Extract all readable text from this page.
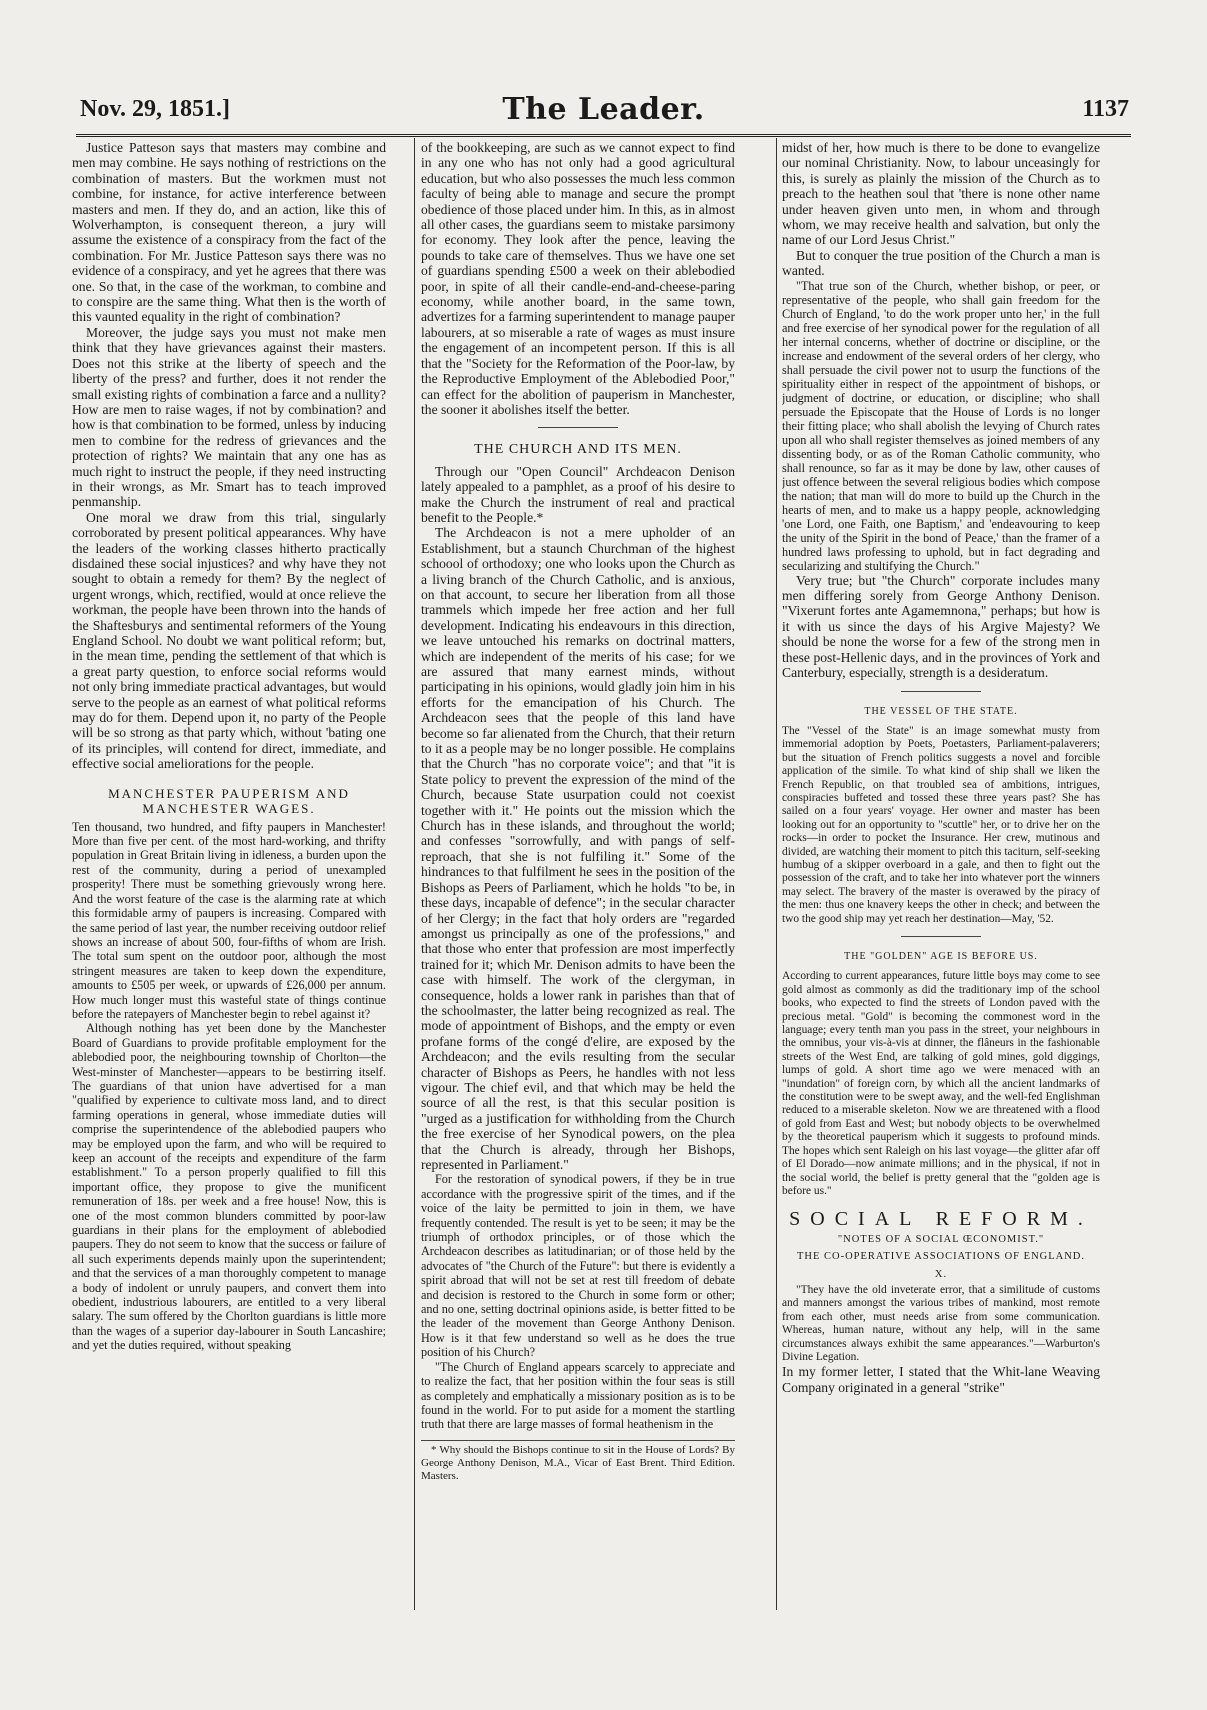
Nov. 29, 1851.]	The Leader.	1137

Justice Patteson says that masters may combine and men may combine. He says nothing of restrictions on the combination of masters. But the workmen must not combine, for instance, for active interference between masters and men. If they do, and an action, like this of Wolverhampton, is consequent thereon, a jury will assume the existence of a conspiracy from the fact of the combination. For Mr. Justice Patteson says there was no evidence of a conspiracy, and yet he agrees that there was one. So that, in the case of the workman, to combine and to conspire are the same thing. What then is the worth of this vaunted equality in the right of combination?

Moreover, the judge says you must not make men think that they have grievances against their masters. Does not this strike at the liberty of speech and the liberty of the press? and further, does it not render the small existing rights of combination a farce and a nullity? How are men to raise wages, if not by combination? and how is that combination to be formed, unless by inducing men to combine for the redress of grievances and the protection of rights? We maintain that any one has as much right to instruct the people, if they need instructing in their wrongs, as Mr. Smart has to teach improved penmanship.

One moral we draw from this trial, singularly corroborated by present political appearances. Why have the leaders of the working classes hitherto practically disdained these social injustices? and why have they not sought to obtain a remedy for them? By the neglect of urgent wrongs, which, rectified, would at once relieve the workman, the people have been thrown into the hands of the Shaftesburys and sentimental reformers of the Young England School. No doubt we want political reform; but, in the mean time, pending the settlement of that which is a great party question, to enforce social reforms would not only bring immediate practical advantages, but would serve to the people as an earnest of what political reforms may do for them. Depend upon it, no party of the People will be so strong as that party which, without 'bating one of its principles, will contend for direct, immediate, and effective social ameliorations for the people.

MANCHESTER PAUPERISM AND MANCHESTER WAGES.

Ten thousand, two hundred, and fifty paupers in Manchester! More than five per cent. of the most hard-working, and thrifty population in Great Britain living in idleness, a burden upon the rest of the community, during a period of unexampled prosperity! There must be something grievously wrong here. And the worst feature of the case is the alarming rate at which this formidable army of paupers is increasing. Compared with the same period of last year, the number receiving outdoor relief shows an increase of about 500, four-fifths of whom are Irish. The total sum spent on the outdoor poor, although the most stringent measures are taken to keep down the expenditure, amounts to £505 per week, or upwards of £26,000 per annum. How much longer must this wasteful state of things continue before the ratepayers of Manchester begin to rebel against it?

Although nothing has yet been done by the Manchester Board of Guardians to provide profitable employment for the ablebodied poor, the neighbouring township of Chorlton—the West-minster of Manchester—appears to be bestirring itself. The guardians of that union have advertised for a man "qualified by experience to cultivate moss land, and to direct farming operations in general, whose immediate duties will comprise the superintendence of the ablebodied paupers who may be employed upon the farm, and who will be required to keep an account of the receipts and expenditure of the farm establishment." To a person properly qualified to fill this important office, they propose to give the munificent remuneration of 18s. per week and a free house! Now, this is one of the most common blunders committed by poor-law guardians in their plans for the employment of ablebodied paupers. They do not seem to know that the success or failure of all such experiments depends mainly upon the superintendent; and that the services of a man thoroughly competent to manage a body of indolent or unruly paupers, and convert them into obedient, industrious labourers, are entitled to a very liberal salary. The sum offered by the Chorlton guardians is little more than the wages of a superior day-labourer in South Lancashire; and yet the duties required, without speaking

of the bookkeeping, are such as we cannot expect to find in any one who has not only had a good agricultural education, but who also possesses the much less common faculty of being able to manage and secure the prompt obedience of those placed under him. In this, as in almost all other cases, the guardians seem to mistake parsimony for economy. They look after the pence, leaving the pounds to take care of themselves. Thus we have one set of guardians spending £500 a week on their ablebodied poor, in spite of all their candle-end-and-cheese-paring economy, while another board, in the same town, advertizes for a farming superintendent to manage pauper labourers, at so miserable a rate of wages as must insure the engagement of an incompetent person. If this is all that the "Society for the Reformation of the Poor-law, by the Reproductive Employment of the Ablebodied Poor," can effect for the abolition of pauperism in Manchester, the sooner it abolishes itself the better.

THE CHURCH AND ITS MEN.

Through our "Open Council" Archdeacon Denison lately appealed to a pamphlet, as a proof of his desire to make the Church the instrument of real and practical benefit to the People.*

The Archdeacon is not a mere upholder of an Establishment, but a staunch Churchman of the highest schoool of orthodoxy; one who looks upon the Church as a living branch of the Church Catholic, and is anxious, on that account, to secure her liberation from all those trammels which impede her free action and her full development. Indicating his endeavours in this direction, we leave untouched his remarks on doctrinal matters, which are independent of the merits of his case; for we are assured that many earnest minds, without participating in his opinions, would gladly join him in his efforts for the emancipation of his Church. The Archdeacon sees that the people of this land have become so far alienated from the Church, that their return to it as a people may be no longer possible. He complains that the Church "has no corporate voice"; and that "it is State policy to prevent the expression of the mind of the Church, because State usurpation could not coexist together with it." He points out the mission which the Church has in these islands, and throughout the world; and confesses "sorrowfully, and with pangs of self-reproach, that she is not fulfiling it." Some of the hindrances to that fulfilment he sees in the position of the Bishops as Peers of Parliament, which he holds "to be, in these days, incapable of defence"; in the secular character of her Clergy; in the fact that holy orders are "regarded amongst us principally as one of the professions," and that those who enter that profession are most imperfectly trained for it; which Mr. Denison admits to have been the case with himself. The work of the clergyman, in consequence, holds a lower rank in parishes than that of the schoolmaster, the latter being recognized as real. The mode of appointment of Bishops, and the empty or even profane forms of the congé d'elire, are exposed by the Archdeacon; and the evils resulting from the secular character of Bishops as Peers, he handles with not less vigour. The chief evil, and that which may be held the source of all the rest, is that this secular position is "urged as a justification for withholding from the Church the free exercise of her Synodical powers, on the plea that the Church is already, through her Bishops, represented in Parliament."

For the restoration of synodical powers, if they be in true accordance with the progressive spirit of the times, and if the voice of the laity be permitted to join in them, we have frequently contended. The result is yet to be seen; it may be the triumph of orthodox principles, or of those which the Archdeacon describes as latitudinarian; or of those held by the advocates of "the Church of the Future": but there is evidently a spirit abroad that will not be set at rest till freedom of debate and decision is restored to the Church in some form or other; and no one, setting doctrinal opinions aside, is better fitted to be the leader of the movement than George Anthony Denison. How is it that few understand so well as he does the true position of his Church?

"The Church of England appears scarcely to appreciate and to realize the fact, that her position within the four seas is still as completely and emphatically a missionary position as is to be found in the world. For to put aside for a moment the startling truth that there are large masses of formal heathenism in the

* Why should the Bishops continue to sit in the House of Lords? By George Anthony Denison, M.A., Vicar of East Brent. Third Edition. Masters.

midst of her, how much is there to be done to evangelize our nominal Christianity. Now, to labour unceasingly for this, is surely as plainly the mission of the Church as to preach to the heathen soul that 'there is none other name under heaven given unto men, in whom and through whom, we may receive health and salvation, but only the name of our Lord Jesus Christ."

But to conquer the true position of the Church a man is wanted.

"That true son of the Church, whether bishop, or peer, or representative of the people, who shall gain freedom for the Church of England, 'to do the work proper unto her,' in the full and free exercise of her synodical power for the regulation of all her internal concerns, whether of doctrine or discipline, or the increase and endowment of the several orders of her clergy, who shall persuade the civil power not to usurp the functions of the spirituality either in respect of the appointment of bishops, or judgment of doctrine, or education, or discipline; who shall persuade the Episcopate that the House of Lords is no longer their fitting place; who shall abolish the levying of Church rates upon all who shall register themselves as joined members of any dissenting body, or as of the Roman Catholic community, who shall renounce, so far as it may be done by law, other causes of just offence between the several religious bodies which compose the nation; that man will do more to build up the Church in the hearts of men, and to make us a happy people, acknowledging 'one Lord, one Faith, one Baptism,' and 'endeavouring to keep the unity of the Spirit in the bond of Peace,' than the framer of a hundred laws professing to uphold, but in fact degrading and secularizing and stultifying the Church."

Very true; but "the Church" corporate includes many men differing sorely from George Anthony Denison. "Vixerunt fortes ante Agamemnona," perhaps; but how is it with us since the days of his Argive Majesty? We should be none the worse for a few of the strong men in these post-Hellenic days, and in the provinces of York and Canterbury, especially, strength is a desideratum.

THE VESSEL OF THE STATE.

The "Vessel of the State" is an image somewhat musty from immemorial adoption by Poets, Poetasters, Parliament-palaverers; but the situation of French politics suggests a novel and forcible application of the simile. To what kind of ship shall we liken the French Republic, on that troubled sea of ambitions, intrigues, conspiracies buffeted and tossed these three years past? She has sailed on a four years' voyage. Her owner and master has been looking out for an opportunity to "scuttle" her, or to drive her on the rocks—in order to pocket the Insurance. Her crew, mutinous and divided, are watching their moment to pitch this taciturn, self-seeking humbug of a skipper overboard in a gale, and then to fight out the possession of the craft, and to take her into whatever port the winners may select. The bravery of the master is overawed by the piracy of the men: thus one knavery keeps the other in check; and between the two the good ship may yet reach her destination—May, '52.

THE "GOLDEN" AGE IS BEFORE US.

According to current appearances, future little boys may come to see gold almost as commonly as did the traditionary imp of the school books, who expected to find the streets of London paved with the precious metal. "Gold" is becoming the commonest word in the language; every tenth man you pass in the street, your neighbours in the omnibus, your vis-à-vis at dinner, the flâneurs in the fashionable streets of the West End, are talking of gold mines, gold diggings, lumps of gold. A short time ago we were menaced with an "inundation" of foreign corn, by which all the ancient landmarks of the constitution were to be swept away, and the well-fed Englishman reduced to a miserable skeleton. Now we are threatened with a flood of gold from East and West; but nobody objects to be overwhelmed by the theoretical pauperism which it suggests to profound minds. The hopes which sent Raleigh on his last voyage—the glitter afar off of El Dorado—now animate millions; and in the physical, if not in the social world, the belief is pretty general that the "golden age is before us."

SOCIAL REFORM.
"NOTES OF A SOCIAL ŒCONOMIST."
THE CO-OPERATIVE ASSOCIATIONS OF ENGLAND.
X.

"They have the old inveterate error, that a similitude of customs and manners amongst the various tribes of mankind, most remote from each other, must needs arise from some communication. Whereas, human nature, without any help, will in the same circumstances always exhibit the same appearances."—Warburton's Divine Legation.

In my former letter, I stated that the Whit-lane Weaving Company originated in a general "strike"
